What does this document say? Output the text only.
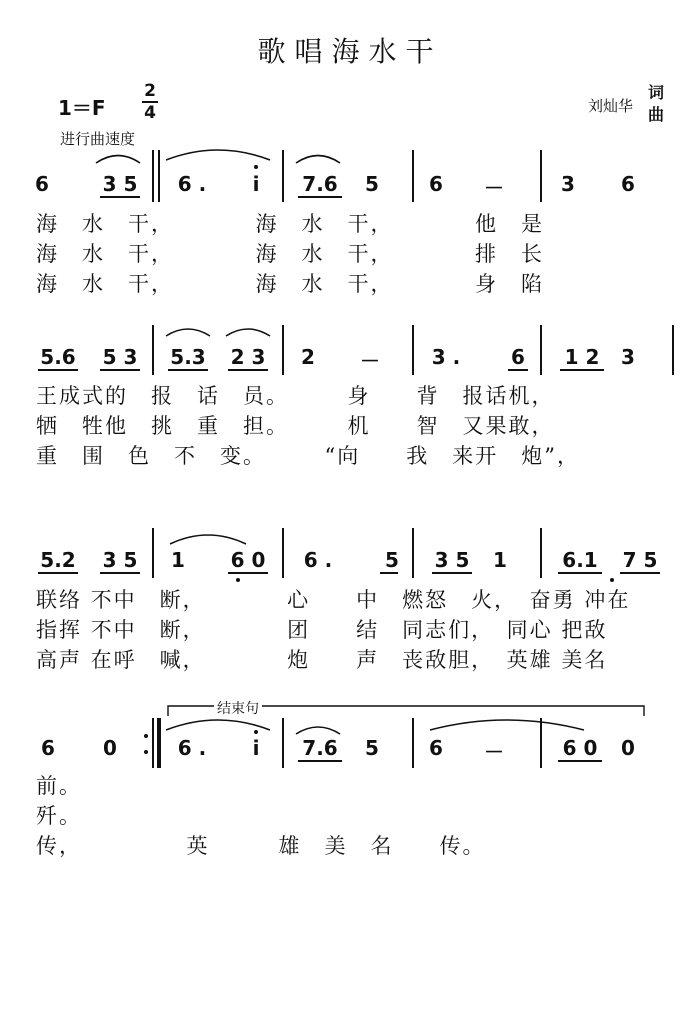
歌唱海水干
1＝F
2
4
进行曲速度
刘灿华
词
曲
6	3 5 6 . i 7.6 5	6 －	3 6
海　水　干，　　　　海　水　干，　　　　他　是
海　水　干，　　　　海　水　干，　　　　排　长
海　水　干，　　　　海　水　干，　　　　身　陷
5.6 5 3 5.3 2 3 2 －	3 .	6 1 2 3
王成式的　报　话　员。　　　身　　背　报话机，
牺　牲他　挑　重　担。　　　机　　智　又果敢，
重　围　色　不　变。　　　“向　　我　来开　炮”，
5.2 3 5 1 6 0 6 .	5 3 5 1	6.1 7 5
联络 不中　断，　　　　心　　中　燃怒　火，　奋勇 冲在
指挥 不中　断，　　　　团　　结　同志们，　同心 把敌
高声 在呼　喊，　　　　炮　　声　丧敌胆，　英雄 美名
结束句
6 0	6 . i 7.6 5	6 －	6 0 0
前。
歼。
传，　　　　　英　　　雄　美　名　　传。
